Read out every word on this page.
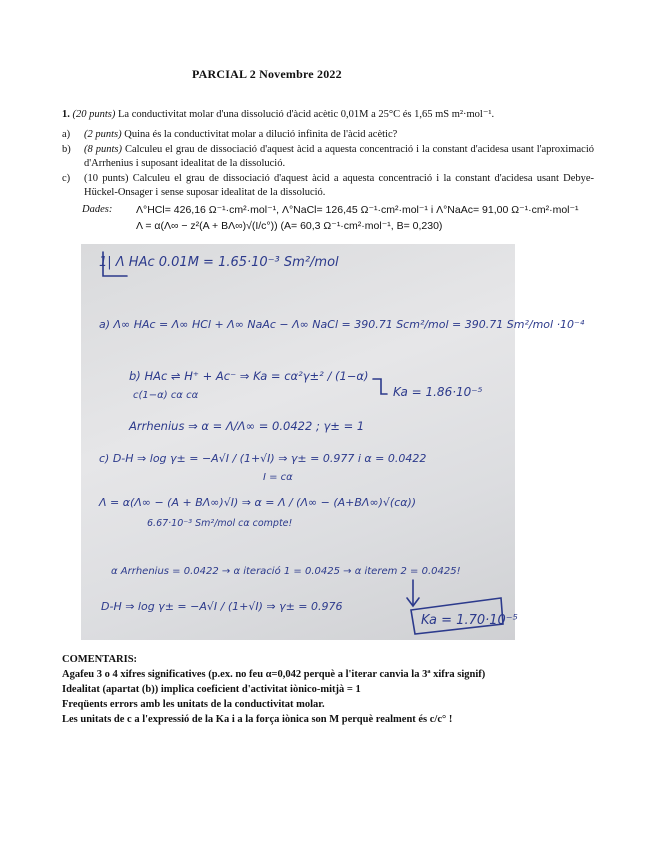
PARCIAL 2 Novembre 2022
1. (20 punts) La conductivitat molar d'una dissolució d'àcid acètic 0,01M a 25°C és 1,65 mS m²·mol⁻¹.
a) (2 punts) Quina és la conductivitat molar a dilució infinita de l'àcid acètic?
b) (8 punts) Calculeu el grau de dissociació d'aquest àcid a aquesta concentració i la constant d'acidesa usant l'aproximació d'Arrhenius i suposant idealitat de la dissolució.
c) (10 punts) Calculeu el grau de dissociació d'aquest àcid a aquesta concentració i la constant d'acidesa usant Debye-Hückel-Onsager i sense suposar idealitat de la dissolució.
Dades: Λ°HCl= 426,16 Ω⁻¹·cm²·mol⁻¹, Λ°NaCl= 126,45 Ω⁻¹·cm²·mol⁻¹ i Λ°NaAc= 91,00 Ω⁻¹·cm²·mol⁻¹
Λ = α(Λ∞ − z²(A + BΛ∞)√(I/c°)) (A= 60,3 Ω⁻¹·cm²·mol⁻¹, B= 0,230)
1| Λ HAc 0.01M = 1.65·10⁻³ Sm²/mol
a) Λ∞ HAc = Λ∞ HCl + Λ∞ NaAc − Λ∞ NaCl = 390.71 Scm²/mol = 390.71 Sm²/mol ·10⁻⁴
b) HAc ⇌ H⁺ + Ac⁻ ⇒ Ka = cα²γ±² / (1−α)
c(1−α) cα cα	Ka = 1.86·10⁻⁵
Arrhenius ⇒ α = Λ/Λ∞ = 0.0422 ; γ± = 1
c) D-H ⇒ log γ± = −A√I / (1+√I) ⇒ γ± = 0.977 i α = 0.0422
I = cα
Λ = α(Λ∞ − (A + BΛ∞)√I) ⇒ α = Λ / (Λ∞ − (A+BΛ∞)√(cα))
6.67·10⁻³ Sm²/mol cα compte!
α Arrhenius = 0.0422 → α iteració 1 = 0.0425 → α iterem 2 = 0.0425!
D-H ⇒ log γ± = −A√I / (1+√I) ⇒ γ± = 0.976
Ka = 1.70·10⁻⁵
COMENTARIS:
Agafeu 3 o 4 xifres significatives (p.ex. no feu α=0,042 perquè a l'iterar canvia la 3ª xifra signif)
Idealitat (apartat (b)) implica coeficient d'activitat iònico-mitjà = 1
Freqüents errors amb les unitats de la conductivitat molar.
Les unitats de c a l'expressió de la Ka i a la força iònica son M perquè realment és c/c° !
